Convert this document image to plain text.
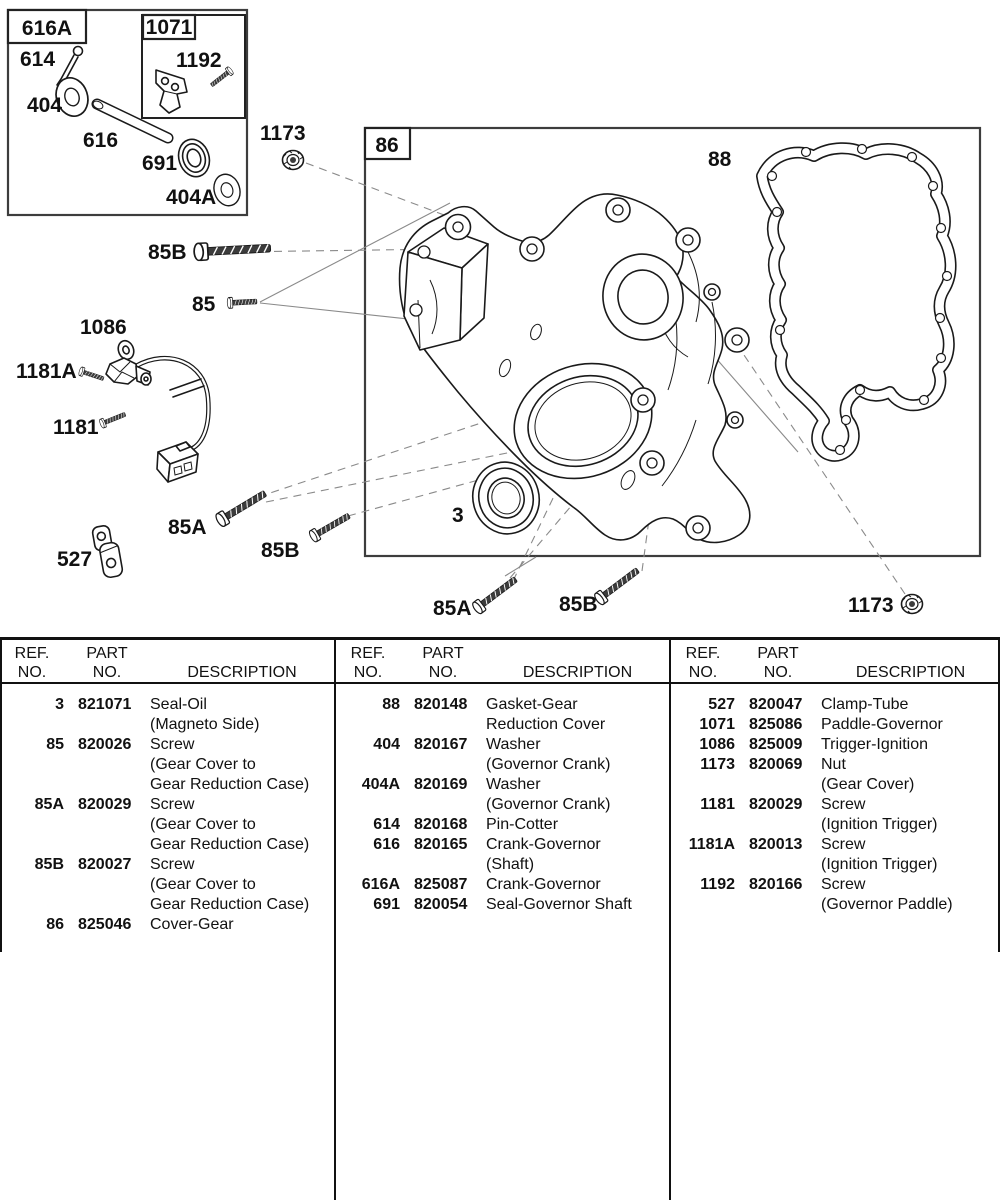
616A	1071
86
614
404
616
691
404A
1192
1173
85B
85
1086
1181A
1181
85A
527	85B
3
88
85A	85B	1173
REF.	PART
NO.	NO.	DESCRIPTION
3 821071 Seal-Oil
(Magneto Side)
85 820026 Screw
(Gear Cover to
Gear Reduction Case)
85A 820029 Screw
(Gear Cover to
Gear Reduction Case)
85B 820027 Screw
(Gear Cover to
Gear Reduction Case)
86 825046 Cover-Gear
REF.	PART
NO.	NO.	DESCRIPTION
88 820148 Gasket-Gear
Reduction Cover
404 820167 Washer
(Governor Crank)
404A 820169 Washer
(Governor Crank)
614 820168 Pin-Cotter
616 820165 Crank-Governor
(Shaft)
616A 825087 Crank-Governor
691 820054 Seal-Governor Shaft
REF.	PART
NO.	NO.	DESCRIPTION
527 820047 Clamp-Tube
1071 825086 Paddle-Governor
1086 825009 Trigger-Ignition
1173 820069 Nut
(Gear Cover)
1181 820029 Screw
(Ignition Trigger)
1181A 820013 Screw
(Ignition Trigger)
1192 820166 Screw
(Governor Paddle)
